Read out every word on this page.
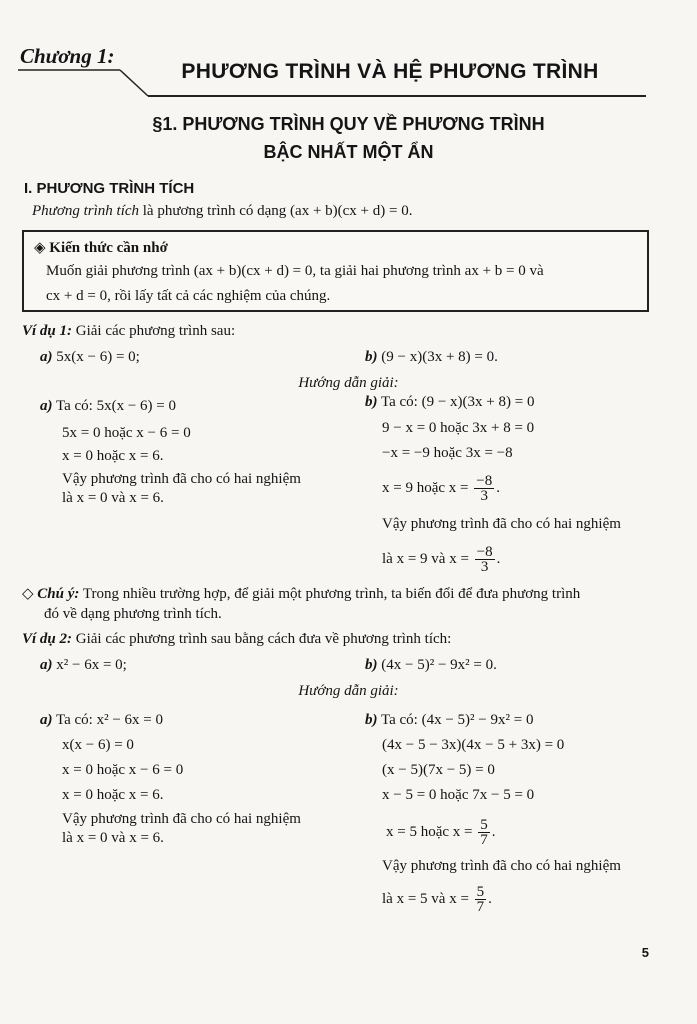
Chương 1:
PHƯƠNG TRÌNH VÀ HỆ PHƯƠNG TRÌNH
§1. PHƯƠNG TRÌNH QUY VỀ PHƯƠNG TRÌNH
BẬC NHẤT MỘT ẨN
I. PHƯƠNG TRÌNH TÍCH
Phương trình tích là phương trình có dạng (ax + b)(cx + d) = 0.
◈ Kiến thức cần nhớ
Muốn giải phương trình (ax + b)(cx + d) = 0, ta giải hai phương trình ax + b = 0 và
cx + d = 0, rồi lấy tất cả các nghiệm của chúng.
Ví dụ 1: Giải các phương trình sau:
a) 5x(x − 6) = 0;	b) (9 − x)(3x + 8) = 0.
Hướng dẫn giải:
a) Ta có: 5x(x − 6) = 0
5x = 0 hoặc x − 6 = 0
x = 0 hoặc x = 6.
Vậy phương trình đã cho có hai nghiệm
là x = 0 và x = 6.
b) Ta có: (9 − x)(3x + 8) = 0
9 − x = 0 hoặc 3x + 8 = 0
−x = −9 hoặc 3x = −8
x = 9 hoặc $x = \frac{-8}{3}$ .
Vậy phương trình đã cho có hai nghiệm
là x = 9 và $x = \frac{-8}{3}$ .
◇ Chú ý: Trong nhiều trường hợp, để giải một phương trình, ta biến đổi để đưa phương trình
đó về dạng phương trình tích.
Ví dụ 2: Giải các phương trình sau bằng cách đưa về phương trình tích:
a) x² − 6x = 0;	b) (4x − 5)² − 9x² = 0.
Hướng dẫn giải:
a) Ta có: x² − 6x = 0
x(x − 6) = 0
x = 0 hoặc x − 6 = 0
x = 0 hoặc x = 6.
Vậy phương trình đã cho có hai nghiệm
là x = 0 và x = 6.
b) Ta có: (4x − 5)² − 9x² = 0
(4x − 5 − 3x)(4x − 5 + 3x) = 0
(x − 5)(7x − 5) = 0
x − 5 = 0 hoặc 7x − 5 = 0
x = 5 hoặc $x = \frac{5}{7}$ .
Vậy phương trình đã cho có hai nghiệm
là x = 5 và $x = \frac{5}{7}$ .
5
